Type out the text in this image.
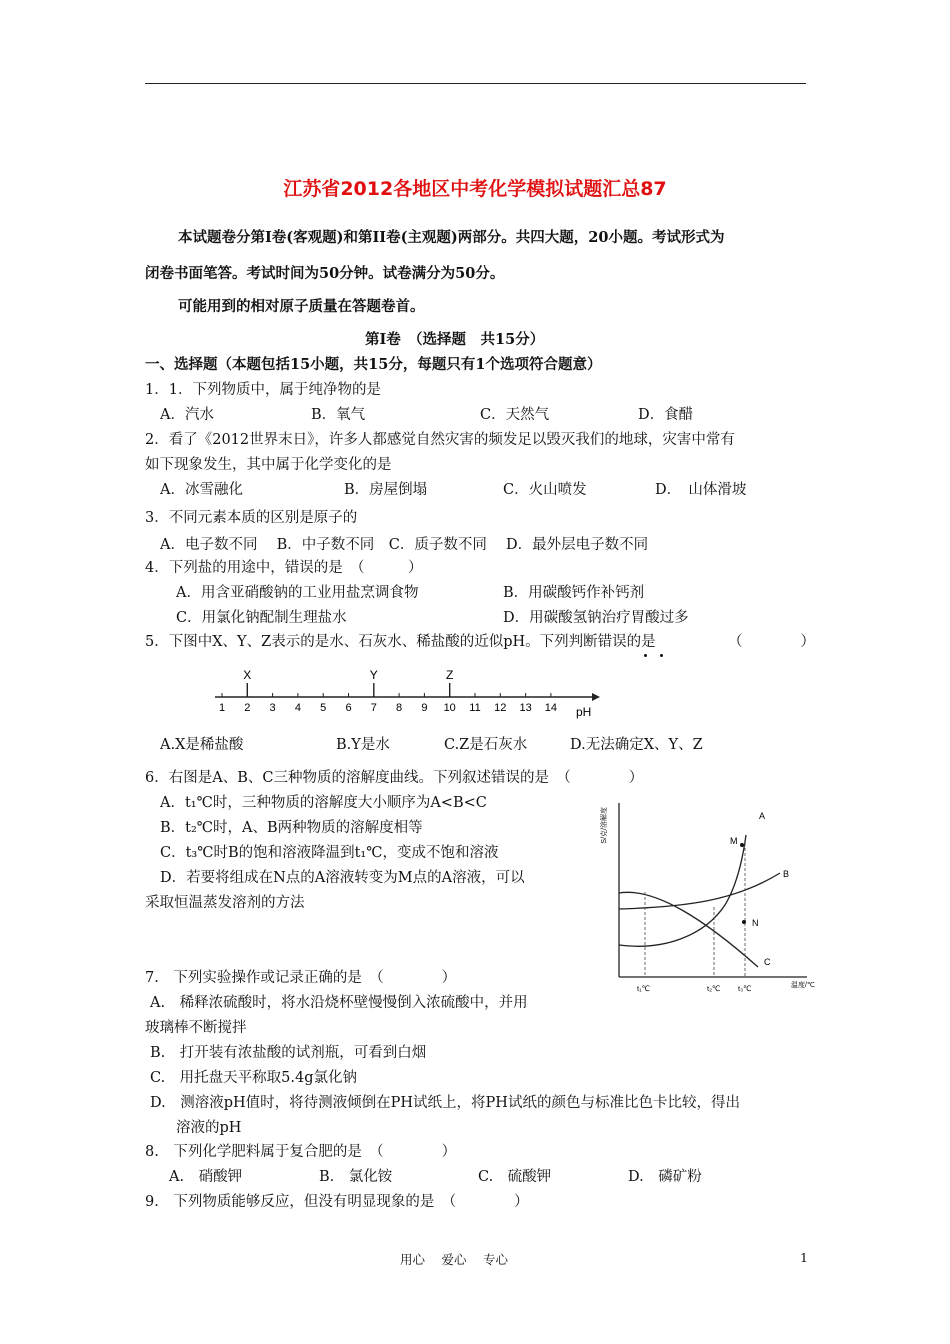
江苏省2012各地区中考化学模拟试题汇总87
本试题卷分第I卷(客观题)和第II卷(主观题)两部分。共四大题，20小题。考试形式为
闭卷书面笔答。考试时间为50分钟。试卷满分为50分。
可能用到的相对原子质量在答题卷首。
第I卷　（选择题　共15分）
一、选择题（本题包括15小题，共15分，每题只有1个选项符合题意）
1．1．下列物质中，属于纯净物的是
A．汽水	B．氧气	C．天然气	D．食醋
2．看了《2012世界末日》，许多人都感觉自然灾害的频发足以毁灭我们的地球，灾害中常有
如下现象发生，其中属于化学变化的是
A．冰雪融化	B．房屋倒塌	C．火山喷发	D．　山体滑坡
3．不同元素本质的区别是原子的
A．电子数不同　 B．中子数不同　C．质子数不同　 D．最外层电子数不同
4．下列盐的用途中，错误的是　（　　　）
A．用含亚硝酸钠的工业用盐烹调食物	B．用碳酸钙作补钙剂
C．用氯化钠配制生理盐水	D．用碳酸氢钠治疗胃酸过多
5．下图中X、Y、Z表示的是水、石灰水、稀盐酸的近似pH。下列判断错误的是	（　　　　）
pH
1 2 3 4 5 6 7 8 9 10 11 12 13 14
X	Y	Z
A.X是稀盐酸	B.Y是水	C.Z是石灰水	D.无法确定X、Y、Z
6．右图是A、B、C三种物质的溶解度曲线。下列叙述错误的是　（　　　　）
A．t₁℃时，三种物质的溶解度大小顺序为A<B<C
B．t₂℃时，A、B两种物质的溶解度相等
C．t₃℃时B的饱和溶液降温到t₁℃，变成不饱和溶液
D．若要将组成在N点的A溶液转变为M点的A溶液，可以
采取恒温蒸发溶剂的方法
S/克/溶解度
温度/℃
A
B
C
M
N
t₁℃	t₂℃ t₃℃
7.　下列实验操作或记录正确的是　（　　　　）
A.　稀释浓硫酸时，将水沿烧杯壁慢慢倒入浓硫酸中，并用
玻璃棒不断搅拌
B.　打开装有浓盐酸的试剂瓶，可看到白烟
C.　用托盘天平称取5.4g氯化钠
D.　测溶液pH值时，将待测液倾倒在PH试纸上，将PH试纸的颜色与标准比色卡比较，得出
溶液的pH
8.　下列化学肥料属于复合肥的是　（　　　　）
A.　硝酸钾	B.　氯化铵	C.　硫酸钾	D.　磷矿粉
9.　下列物质能够反应，但没有明显现象的是　（　　　　）
用心　 爱心　 专心	1
